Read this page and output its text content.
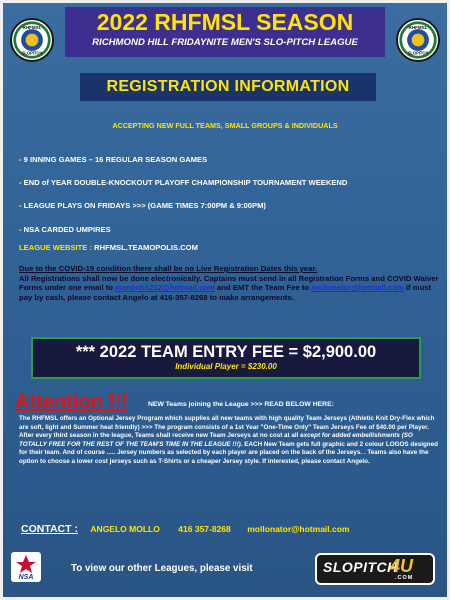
RHFMSL
SLOPITCH
2022 RHFMSL SEASON
RICHMOND HILL FRIDAYNITE MEN'S SLO-PITCH LEAGUE
RHFMSL
SLOPITCH
REGISTRATION INFORMATION
ACCEPTING NEW FULL TEAMS, SMALL GROUPS & INDIVIDUALS
- 9 INNING GAMES – 16 REGULAR SEASON GAMES
- END of YEAR DOUBLE-KNOCKOUT PLAYOFF CHAMPIONSHIP TOURNAMENT WEEKEND
- LEAGUE PLAYS ON FRIDAYS >>> (GAME TIMES 7:00PM & 9:00PM)
- NSA CARDED UMPIRES
LEAGUE WEBSITE : RHFMSL.TEAMOPOLIS.COM
Due to the COVID-19 condition there shall be no Live Registration Dates this year.
All Registrations shall now be done electronically. Captains must send in all Registration Forms and COVID Waiver Forms under one email to manonb1212@hotmail.com and EMT the Team Fee to mollonator@hotmail.com if must pay by cash, please contact Angelo at 416-357-8268 to make arrangements.
*** 2022 TEAM ENTRY FEE = $2,900.00
Individual Player = $230.00
Attention !!!	NEW Teams joining the League >>> READ BELOW HERE:
The RHFMSL offers an Optional Jersey Program which supplies all new teams with high quality Team Jerseys (Athletic Knit Dry-Flex which are soft, light and Summer heat friendly) >>> The program consists of a 1st Year "One-Time Only" Team Jerseys Fee of $40.00 per Player. After every third season in the league, Teams shall receive new Team Jerseys at no cost at all except for added embellishments (SO TOTALLY FREE FOR THE REST OF THE TEAM'S TIME IN THE LEAGUE !!!). EACH New Team gets full graphic and 2 colour LOGOS designed for their team. And of course ..... Jersey numbers as selected by each player are placed on the back of the Jerseys. . Teams also have the option to choose a lower cost jerseys such as T-Shirts or a cheaper Jersey style. If interested, please contact Angelo.
CONTACT : ANGELO MOLLO 416 357-8268 mollonator@hotmail.com
NSA
To view our other Leagues, please visit	SLOPITCH
4U
.COM
